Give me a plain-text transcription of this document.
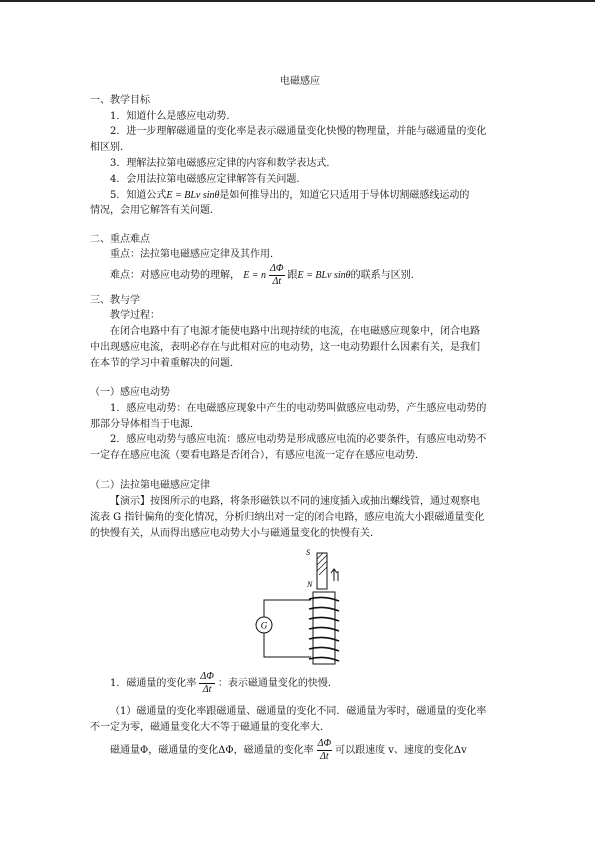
电磁感应
一、教学目标
1．知道什么是感应电动势．
2．进一步理解磁通量的变化率是表示磁通量变化快慢的物理量，并能与磁通量的变化
相区别．
3．理解法拉第电磁感应定律的内容和数学表达式．
4．会用法拉第电磁感应定律解答有关问题．
5．知道公式E = BLv sinθ是如何推导出的，知道它只适用于导体切割磁感线运动的
情况，会用它解答有关问题．
二、重点难点
重点：法拉第电磁感应定律及其作用．
难点：对感应电动势的理解， E = n $\frac{\Delta\Phi}{\Delta t}$ 跟E = BLv sinθ的联系与区别．
三、教与学
教学过程：
在闭合电路中有了电源才能使电路中出现持续的电流，在电磁感应现象中，闭合电路
中出现感应电流，表明必存在与此相对应的电动势，这一电动势跟什么因素有关，是我们
在本节的学习中着重解决的问题．
（一）感应电动势
1．感应电动势：在电磁感应现象中产生的电动势叫做感应电动势，产生感应电动势的
那部分导体相当于电源．
2．感应电动势与感应电流：感应电动势是形成感应电流的必要条件，有感应电动势不
一定存在感应电流（要看电路是否闭合），有感应电流一定存在感应电动势．
（二）法拉第电磁感应定律
【演示】按图所示的电路，将条形磁铁以不同的速度插入或抽出螺线管，通过观察电
流表 G 指针偏角的变化情况，分析归纳出对一定的闭合电路，感应电流大小跟磁通量变化
的快慢有关，从而得出感应电动势大小与磁通量变化的快慢有关．
S
N
G
1．磁通量的变化率 $\frac{\Delta\Phi}{\Delta t}$ ：表示磁通量变化的快慢．
（1）磁通量的变化率跟磁通量、磁通量的变化不同．磁通量为零时，磁通量的变化率
不一定为零，磁通量变化大不等于磁通量的变化率大．
磁通量Φ，磁通量的变化ΔΦ，磁通量的变化率 $\frac{\Delta\Phi}{\Delta t}$ 可以跟速度 v、速度的变化Δv
